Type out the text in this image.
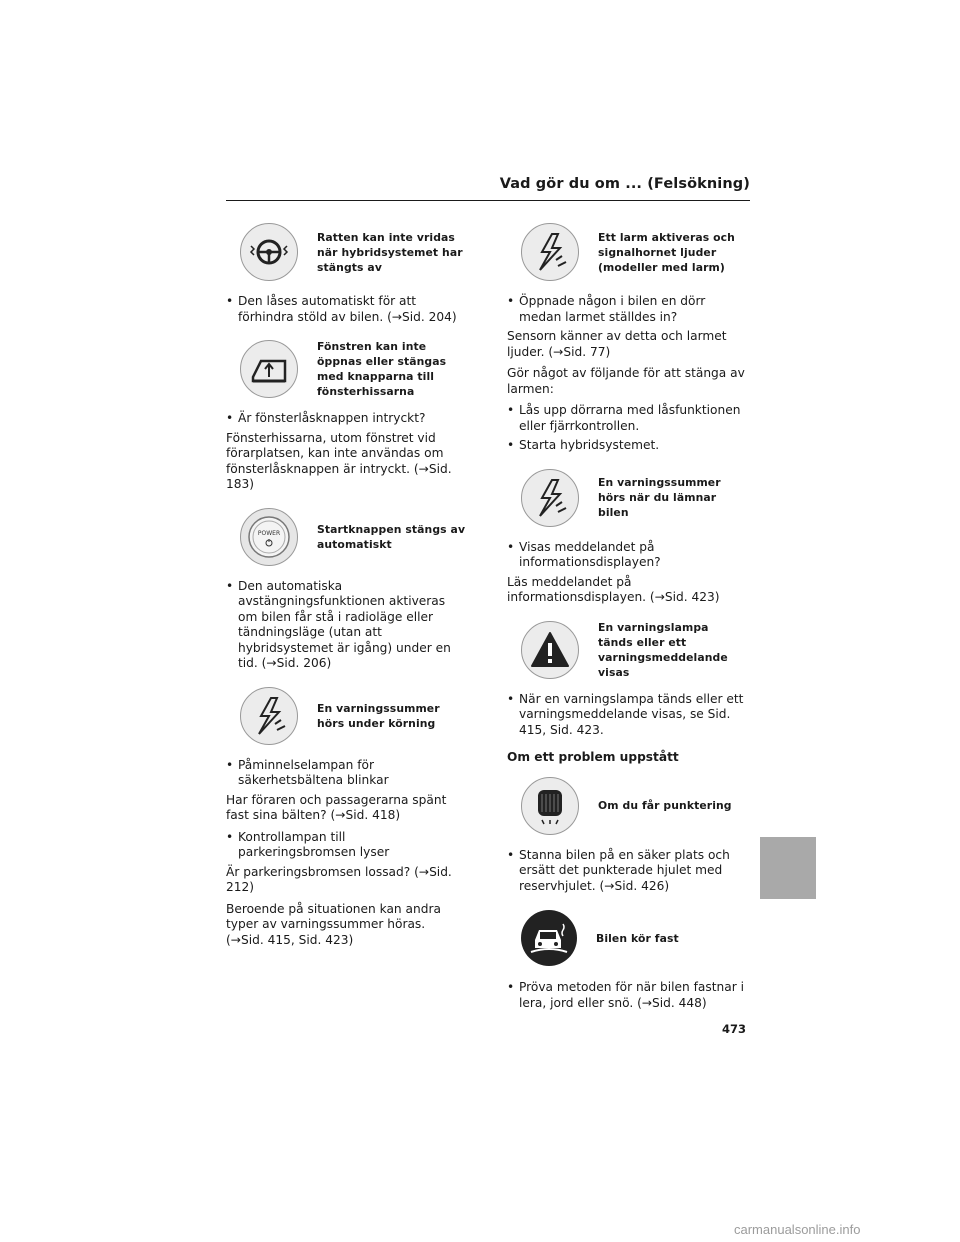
Vad gör du om ... (Felsökning)
Ratten kan inte vridas när hybridsystemet har stängts av
• Den låses automatiskt för att förhindra stöld av bilen. (→Sid. 204)
Fönstren kan inte öppnas eller stängas med knapparna till fönsterhissarna
• Är fönsterlåsknappen intryckt?
Fönsterhissarna, utom fönstret vid förarplatsen, kan inte användas om fönsterlåsknappen är intryckt. (→Sid. 183)
POWER	Startknappen stängs av automatiskt
• Den automatiska avstängningsfunktionen aktiveras om bilen får stå i radioläge eller tändningsläge (utan att hybridsystemet är igång) under en tid. (→Sid. 206)
En varningssummer hörs under körning
• Påminnelselampan för säkerhetsbältena blinkar
Har föraren och passagerarna spänt fast sina bälten? (→Sid. 418)
• Kontrollampan till parkeringsbromsen lyser
Är parkeringsbromsen lossad? (→Sid. 212)
Beroende på situationen kan andra typer av varningssummer höras. (→Sid. 415, Sid. 423)
Ett larm aktiveras och signalhornet ljuder (modeller med larm)
• Öppnade någon i bilen en dörr medan larmet ställdes in?
Sensorn känner av detta och larmet ljuder. (→Sid. 77)
Gör något av följande för att stänga av larmen:
• Lås upp dörrarna med låsfunktionen eller fjärrkontrollen.
• Starta hybridsystemet.
En varningssummer hörs när du lämnar bilen
• Visas meddelandet på informationsdisplayen?
Läs meddelandet på informationsdisplayen. (→Sid. 423)
En varningslampa tänds eller ett varningsmeddelande visas
• När en varningslampa tänds eller ett varningsmeddelande visas, se Sid. 415, Sid. 423.
Om ett problem uppstått
Om du får punktering
• Stanna bilen på en säker plats och ersätt det punkterade hjulet med reservhjulet. (→Sid. 426)
Bilen kör fast
• Pröva metoden för när bilen fastnar i lera, jord eller snö. (→Sid. 448)
473
carmanualsonline.info
